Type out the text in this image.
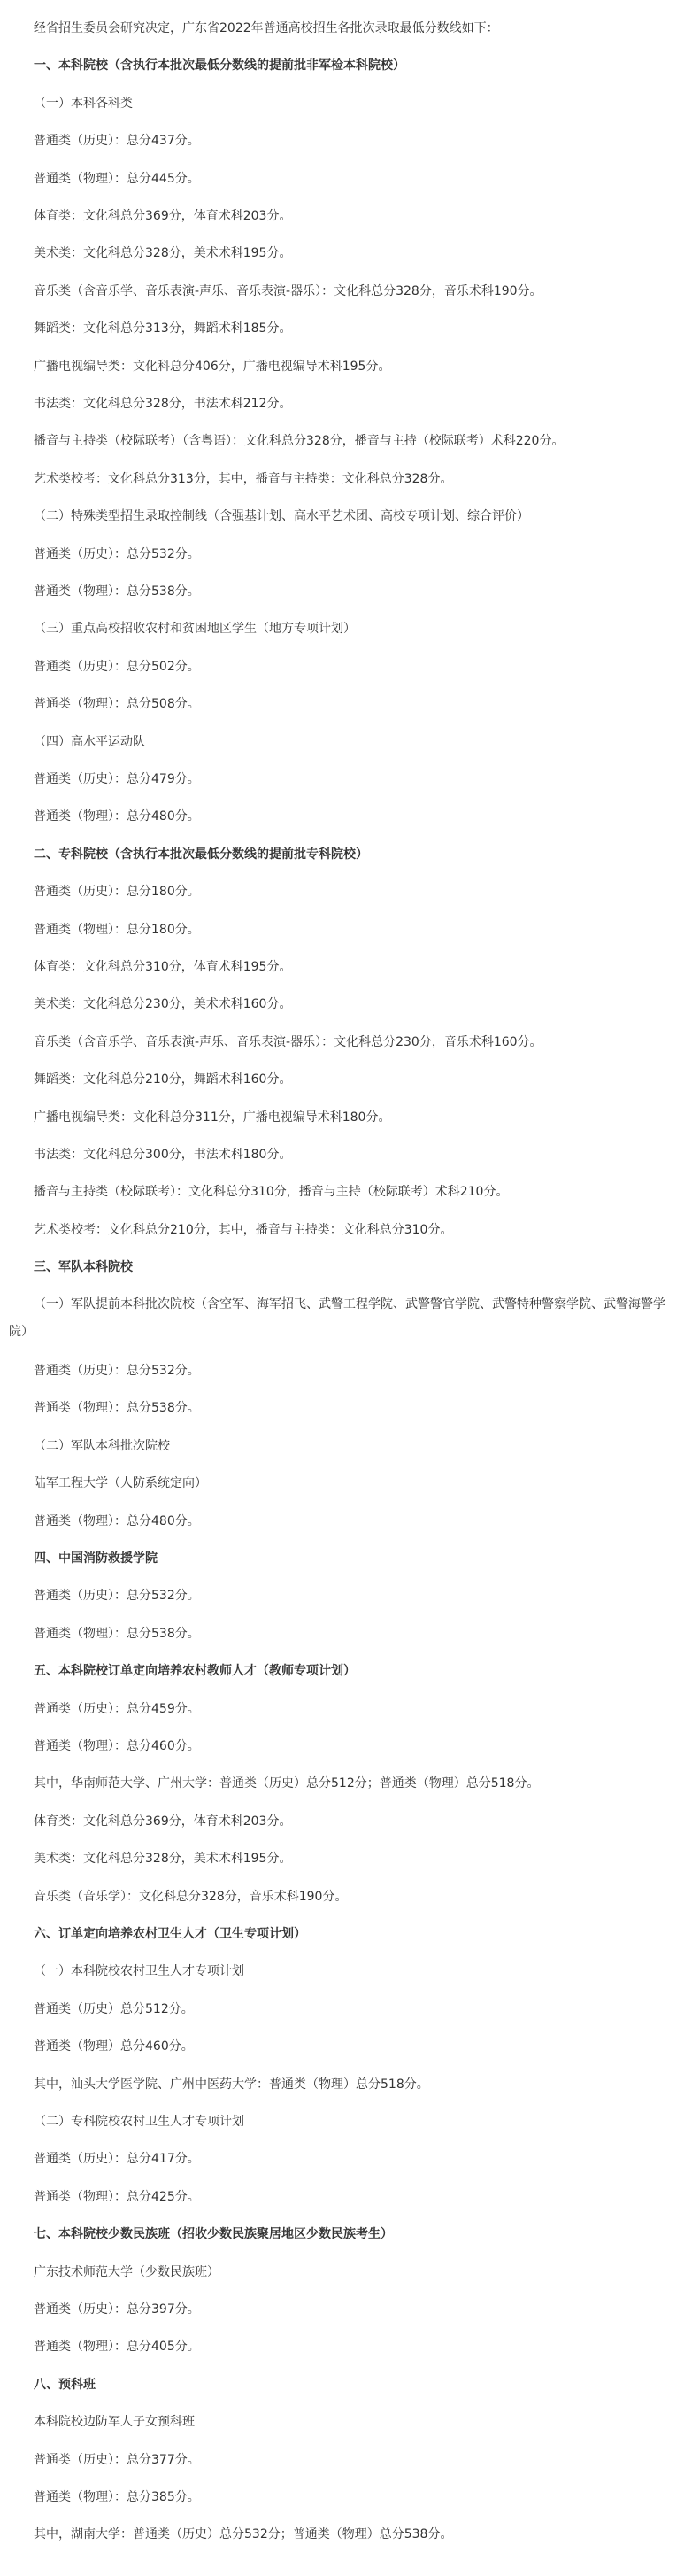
经省招生委员会研究决定，广东省2022年普通高校招生各批次录取最低分数线如下：
一、本科院校（含执行本批次最低分数线的提前批非军检本科院校）
（一）本科各科类
普通类（历史）：总分437分。
普通类（物理）：总分445分。
体育类：文化科总分369分，体育术科203分。
美术类：文化科总分328分，美术术科195分。
音乐类（含音乐学、音乐表演-声乐、音乐表演-器乐）：文化科总分328分，音乐术科190分。
舞蹈类：文化科总分313分，舞蹈术科185分。
广播电视编导类：文化科总分406分，广播电视编导术科195分。
书法类：文化科总分328分，书法术科212分。
播音与主持类（校际联考）（含粤语）：文化科总分328分，播音与主持（校际联考）术科220分。
艺术类校考：文化科总分313分，其中，播音与主持类：文化科总分328分。
（二）特殊类型招生录取控制线（含强基计划、高水平艺术团、高校专项计划、综合评价）
普通类（历史）：总分532分。
普通类（物理）：总分538分。
（三）重点高校招收农村和贫困地区学生（地方专项计划）
普通类（历史）：总分502分。
普通类（物理）：总分508分。
（四）高水平运动队
普通类（历史）：总分479分。
普通类（物理）：总分480分。
二、专科院校（含执行本批次最低分数线的提前批专科院校）
普通类（历史）：总分180分。
普通类（物理）：总分180分。
体育类：文化科总分310分，体育术科195分。
美术类：文化科总分230分，美术术科160分。
音乐类（含音乐学、音乐表演-声乐、音乐表演-器乐）：文化科总分230分，音乐术科160分。
舞蹈类：文化科总分210分，舞蹈术科160分。
广播电视编导类：文化科总分311分，广播电视编导术科180分。
书法类：文化科总分300分，书法术科180分。
播音与主持类（校际联考）：文化科总分310分，播音与主持（校际联考）术科210分。
艺术类校考：文化科总分210分，其中，播音与主持类：文化科总分310分。
三、军队本科院校
（一）军队提前本科批次院校（含空军、海军招飞、武警工程学院、武警警官学院、武警特种警察学院、武警海警学院）
普通类（历史）：总分532分。
普通类（物理）：总分538分。
（二）军队本科批次院校
陆军工程大学（人防系统定向）
普通类（物理）：总分480分。
四、中国消防救援学院
普通类（历史）：总分532分。
普通类（物理）：总分538分。
五、本科院校订单定向培养农村教师人才（教师专项计划）
普通类（历史）：总分459分。
普通类（物理）：总分460分。
其中，华南师范大学、广州大学：普通类（历史）总分512分；普通类（物理）总分518分。
体育类：文化科总分369分，体育术科203分。
美术类：文化科总分328分，美术术科195分。
音乐类（音乐学）：文化科总分328分，音乐术科190分。
六、订单定向培养农村卫生人才（卫生专项计划）
（一）本科院校农村卫生人才专项计划
普通类（历史）总分512分。
普通类（物理）总分460分。
其中，汕头大学医学院、广州中医药大学：普通类（物理）总分518分。
（二）专科院校农村卫生人才专项计划
普通类（历史）：总分417分。
普通类（物理）：总分425分。
七、本科院校少数民族班（招收少数民族聚居地区少数民族考生）
广东技术师范大学（少数民族班）
普通类（历史）：总分397分。
普通类（物理）：总分405分。
八、预科班
本科院校边防军人子女预科班
普通类（历史）：总分377分。
普通类（物理）：总分385分。
其中，湖南大学：普通类（历史）总分532分；普通类（物理）总分538分。
